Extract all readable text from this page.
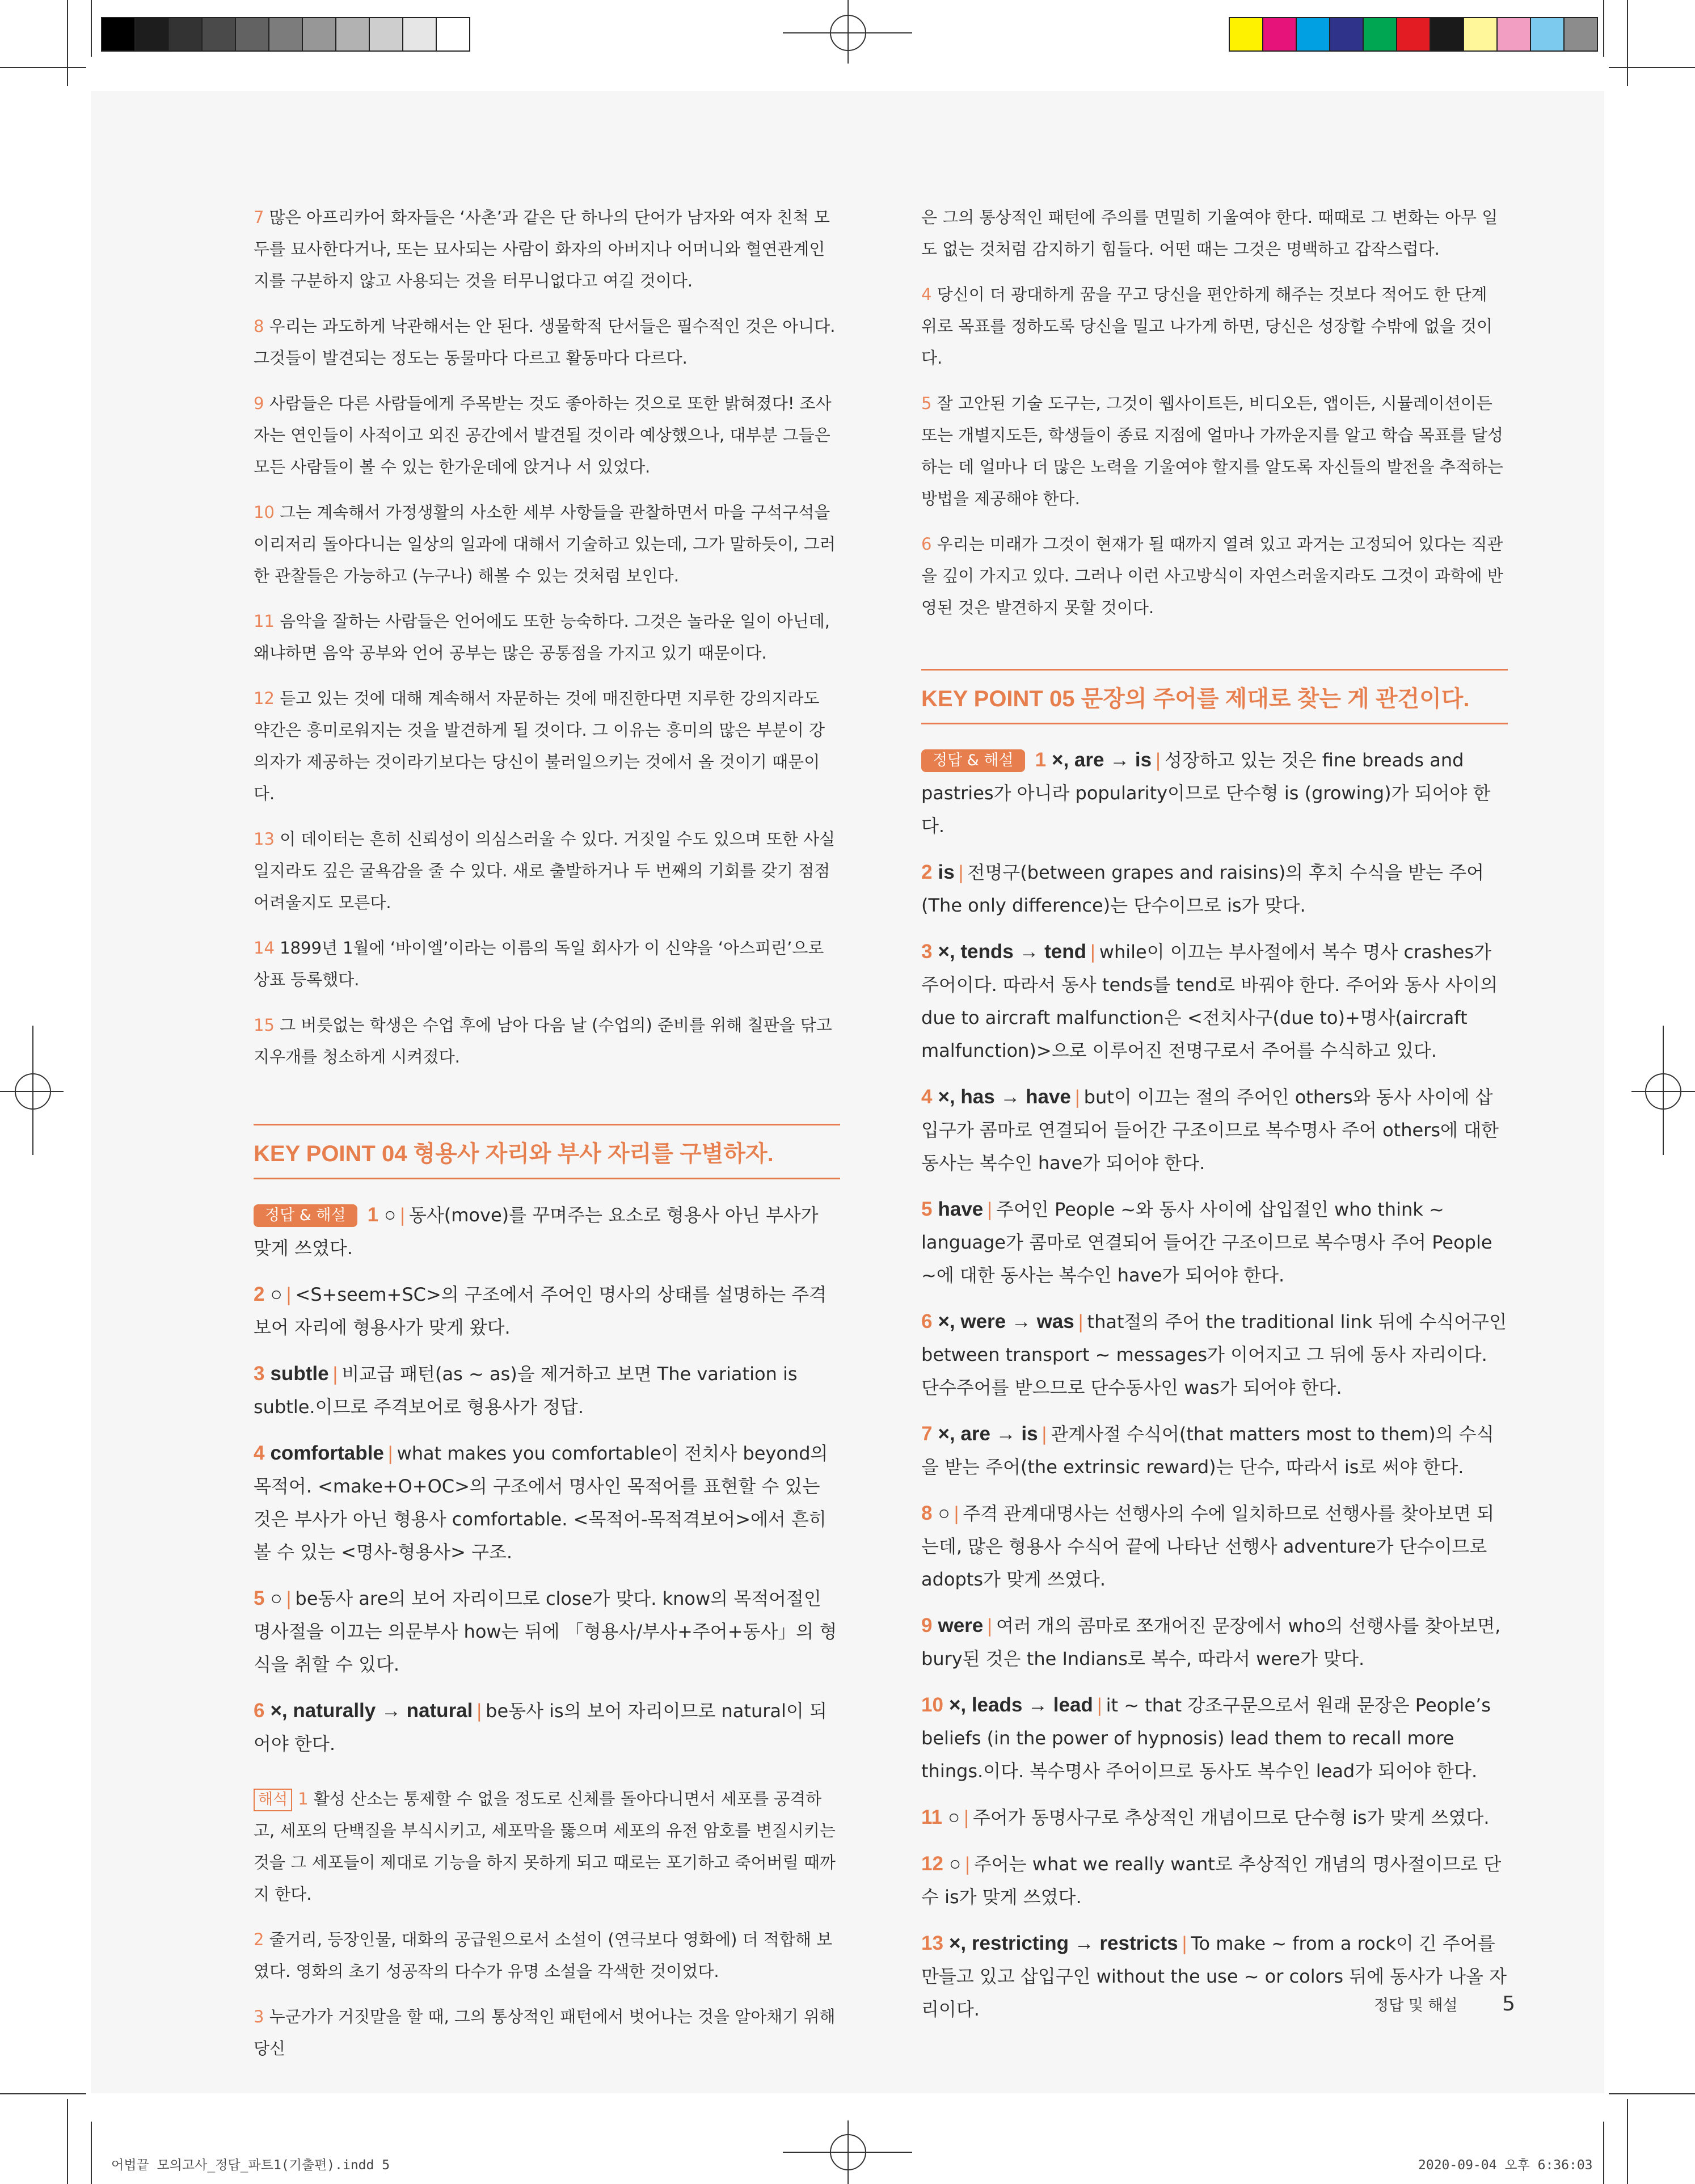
7 많은 아프리카어 화자들은 ‘사촌’과 같은 단 하나의 단어가 남자와 여자 친척 모두를 묘사한다거나, 또는 묘사되는 사람이 화자의 아버지나 어머니와 혈연관계인지를 구분하지 않고 사용되는 것을 터무니없다고 여길 것이다.

8 우리는 과도하게 낙관해서는 안 된다. 생물학적 단서들은 필수적인 것은 아니다. 그것들이 발견되는 정도는 동물마다 다르고 활동마다 다르다.

9 사람들은 다른 사람들에게 주목받는 것도 좋아하는 것으로 또한 밝혀졌다! 조사자는 연인들이 사적이고 외진 공간에서 발견될 것이라 예상했으나, 대부분 그들은 모든 사람들이 볼 수 있는 한가운데에 앉거나 서 있었다.

10 그는 계속해서 가정생활의 사소한 세부 사항들을 관찰하면서 마을 구석구석을 이리저리 돌아다니는 일상의 일과에 대해서 기술하고 있는데, 그가 말하듯이, 그러한 관찰들은 가능하고 (누구나) 해볼 수 있는 것처럼 보인다.

11 음악을 잘하는 사람들은 언어에도 또한 능숙하다. 그것은 놀라운 일이 아닌데, 왜냐하면 음악 공부와 언어 공부는 많은 공통점을 가지고 있기 때문이다.

12 듣고 있는 것에 대해 계속해서 자문하는 것에 매진한다면 지루한 강의지라도 약간은 흥미로워지는 것을 발견하게 될 것이다. 그 이유는 흥미의 많은 부분이 강의자가 제공하는 것이라기보다는 당신이 불러일으키는 것에서 올 것이기 때문이다.

13 이 데이터는 흔히 신뢰성이 의심스러울 수 있다. 거짓일 수도 있으며 또한 사실일지라도 깊은 굴욕감을 줄 수 있다. 새로 출발하거나 두 번째의 기회를 갖기 점점 어려울지도 모른다.

14 1899년 1월에 ‘바이엘’이라는 이름의 독일 회사가 이 신약을 ‘아스피린’으로 상표 등록했다.

15 그 버릇없는 학생은 수업 후에 남아 다음 날 (수업의) 준비를 위해 칠판을 닦고 지우개를 청소하게 시켜졌다.

KEY POINT 04 형용사 자리와 부사 자리를 구별하자.

정답 & 해설 1 ○ | 동사(move)를 꾸며주는 요소로 형용사 아닌 부사가 맞게 쓰였다.

2 ○ | <S+seem+SC>의 구조에서 주어인 명사의 상태를 설명하는 주격보어 자리에 형용사가 맞게 왔다.

3 subtle | 비교급 패턴(as ~ as)을 제거하고 보면 The variation is subtle.이므로 주격보어로 형용사가 정답.

4 comfortable | what makes you comfortable이 전치사 beyond의 목적어. <make+O+OC>의 구조에서 명사인 목적어를 표현할 수 있는 것은 부사가 아닌 형용사 comfortable. <목적어-목적격보어>에서 흔히 볼 수 있는 <명사-형용사> 구조.

5 ○ | be동사 are의 보어 자리이므로 close가 맞다. know의 목적어절인 명사절을 이끄는 의문부사 how는 뒤에 「형용사/부사+주어+동사」의 형식을 취할 수 있다.

6 ×, naturally → natural | be동사 is의 보어 자리이므로 natural이 되어야 한다.

해석 1 활성 산소는 통제할 수 없을 정도로 신체를 돌아다니면서 세포를 공격하고, 세포의 단백질을 부식시키고, 세포막을 뚫으며 세포의 유전 암호를 변질시키는 것을 그 세포들이 제대로 기능을 하지 못하게 되고 때로는 포기하고 죽어버릴 때까지 한다.

2 줄거리, 등장인물, 대화의 공급원으로서 소설이 (연극보다 영화에) 더 적합해 보였다. 영화의 초기 성공작의 다수가 유명 소설을 각색한 것이었다.

3 누군가가 거짓말을 할 때, 그의 통상적인 패턴에서 벗어나는 것을 알아채기 위해 당신

은 그의 통상적인 패턴에 주의를 면밀히 기울여야 한다. 때때로 그 변화는 아무 일도 없는 것처럼 감지하기 힘들다. 어떤 때는 그것은 명백하고 갑작스럽다.

4 당신이 더 광대하게 꿈을 꾸고 당신을 편안하게 해주는 것보다 적어도 한 단계 위로 목표를 정하도록 당신을 밀고 나가게 하면, 당신은 성장할 수밖에 없을 것이다.

5 잘 고안된 기술 도구는, 그것이 웹사이트든, 비디오든, 앱이든, 시뮬레이션이든 또는 개별지도든, 학생들이 종료 지점에 얼마나 가까운지를 알고 학습 목표를 달성하는 데 얼마나 더 많은 노력을 기울여야 할지를 알도록 자신들의 발전을 추적하는 방법을 제공해야 한다.

6 우리는 미래가 그것이 현재가 될 때까지 열려 있고 과거는 고정되어 있다는 직관을 깊이 가지고 있다. 그러나 이런 사고방식이 자연스러울지라도 그것이 과학에 반영된 것은 발견하지 못할 것이다.

KEY POINT 05 문장의 주어를 제대로 찾는 게 관건이다.

정답 & 해설 1 ×, are → is | 성장하고 있는 것은 fine breads and pastries가 아니라 popularity이므로 단수형 is (growing)가 되어야 한다.

2 is | 전명구(between grapes and raisins)의 후치 수식을 받는 주어(The only difference)는 단수이므로 is가 맞다.

3 ×, tends → tend | while이 이끄는 부사절에서 복수 명사 crashes가 주어이다. 따라서 동사 tends를 tend로 바꿔야 한다. 주어와 동사 사이의 due to aircraft malfunction은 <전치사구(due to)+명사(aircraft malfunction)>으로 이루어진 전명구로서 주어를 수식하고 있다.

4 ×, has → have | but이 이끄는 절의 주어인 others와 동사 사이에 삽입구가 콤마로 연결되어 들어간 구조이므로 복수명사 주어 others에 대한 동사는 복수인 have가 되어야 한다.

5 have | 주어인 People ~와 동사 사이에 삽입절인 who think ~ language가 콤마로 연결되어 들어간 구조이므로 복수명사 주어 People ~에 대한 동사는 복수인 have가 되어야 한다.

6 ×, were → was | that절의 주어 the traditional link 뒤에 수식어구인 between transport ~ messages가 이어지고 그 뒤에 동사 자리이다. 단수주어를 받으므로 단수동사인 was가 되어야 한다.

7 ×, are → is | 관계사절 수식어(that matters most to them)의 수식을 받는 주어(the extrinsic reward)는 단수, 따라서 is로 써야 한다.

8 ○ | 주격 관계대명사는 선행사의 수에 일치하므로 선행사를 찾아보면 되는데, 많은 형용사 수식어 끝에 나타난 선행사 adventure가 단수이므로 adopts가 맞게 쓰였다.

9 were | 여러 개의 콤마로 쪼개어진 문장에서 who의 선행사를 찾아보면, bury된 것은 the Indians로 복수, 따라서 were가 맞다.

10 ×, leads → lead | it ~ that 강조구문으로서 원래 문장은 People’s beliefs (in the power of hypnosis) lead them to recall more things.이다. 복수명사 주어이므로 동사도 복수인 lead가 되어야 한다.

11 ○ | 주어가 동명사구로 추상적인 개념이므로 단수형 is가 맞게 쓰였다.

12 ○ | 주어는 what we really want로 추상적인 개념의 명사절이므로 단수 is가 맞게 쓰였다.

13 ×, restricting → restricts | To make ~ from a rock이 긴 주어를 만들고 있고 삽입구인 without the use ~ or colors 뒤에 동사가 나올 자리이다.	정답 및 해설 5
어법끝 모의고사_정답_파트1(기출편).indd 5	2020-09-04 오후 6:36:03
